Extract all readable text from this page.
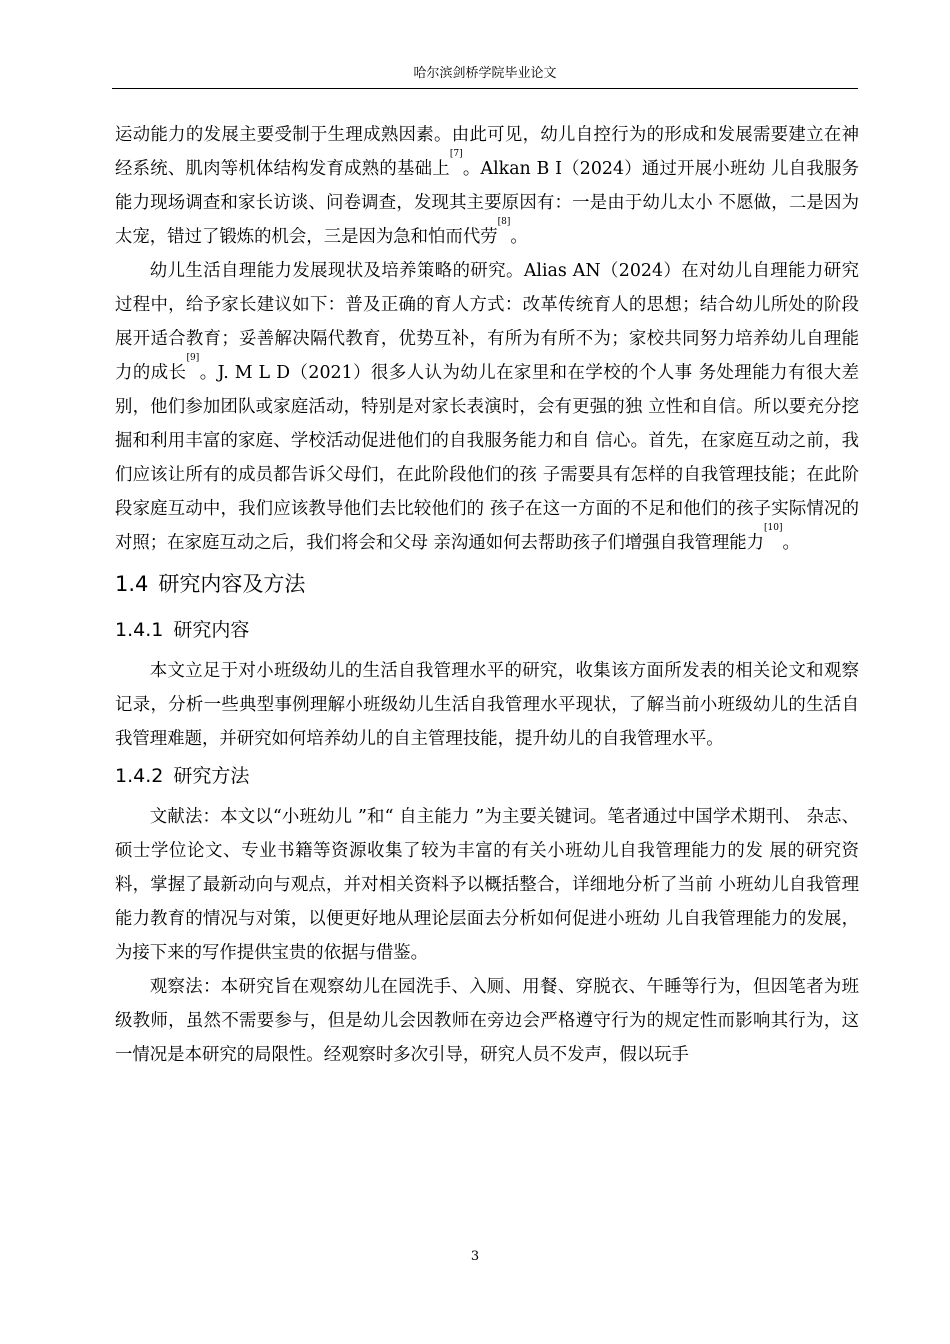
哈尔滨剑桥学院毕业论文

运动能力的发展主要受制于生理成熟因素。由此可见，幼儿自控行为的形成和发展需要建立在神经系统、肌肉等机体结构发育成熟的基础上[7]。Alkan B I（2024）通过开展小班幼 儿自我服务能力现场调查和家长访谈、问卷调查，发现其主要原因有：一是由于幼儿太小 不愿做，二是因为太宠，错过了锻炼的机会，三是因为急和怕而代劳[8]。

幼儿生活自理能力发展现状及培养策略的研究。Alias AN（2024）在对幼儿自理能力研究过程中，给予家长建议如下：普及正确的育人方式：改革传统育人的思想；结合幼儿所处的阶段展开适合教育；妥善解决隔代教育，优势互补，有所为有所不为；家校共同努力培养幼儿自理能力的成长[9]。J. M L D（2021）很多人认为幼儿在家里和在学校的个人事 务处理能力有很大差别，他们参加团队或家庭活动，特别是对家长表演时，会有更强的独 立性和自信。所以要充分挖掘和利用丰富的家庭、学校活动促进他们的自我服务能力和自 信心。首先，在家庭互动之前，我们应该让所有的成员都告诉父母们，在此阶段他们的孩 子需要具有怎样的自我管理技能；在此阶段家庭互动中，我们应该教导他们去比较他们的 孩子在这一方面的不足和他们的孩子实际情况的对照；在家庭互动之后，我们将会和父母 亲沟通如何去帮助孩子们增强自我管理能力[10]。

1.4 研究内容及方法
1.4.1 研究内容

本文立足于对小班级幼儿的生活自我管理水平的研究，收集该方面所发表的相关论文和观察记录，分析一些典型事例理解小班级幼儿生活自我管理水平现状，了解当前小班级幼儿的生活自我管理难题，并研究如何培养幼儿的自主管理技能，提升幼儿的自我管理水平。

1.4.2 研究方法

文献法：本文以“小班幼儿 ”和“ 自主能力 ”为主要关键词。笔者通过中国学术期刊、 杂志、硕士学位论文、专业书籍等资源收集了较为丰富的有关小班幼儿自我管理能力的发 展的研究资料，掌握了最新动向与观点，并对相关资料予以概括整合，详细地分析了当前 小班幼儿自我管理能力教育的情况与对策，以便更好地从理论层面去分析如何促进小班幼 儿自我管理能力的发展，为接下来的写作提供宝贵的依据与借鉴。

观察法：本研究旨在观察幼儿在园洗手、入厕、用餐、穿脱衣、午睡等行为，但因笔者为班级教师，虽然不需要参与，但是幼儿会因教师在旁边会严格遵守行为的规定性而影响其行为，这一情况是本研究的局限性。经观察时多次引导，研究人员不发声，假以玩手

3
